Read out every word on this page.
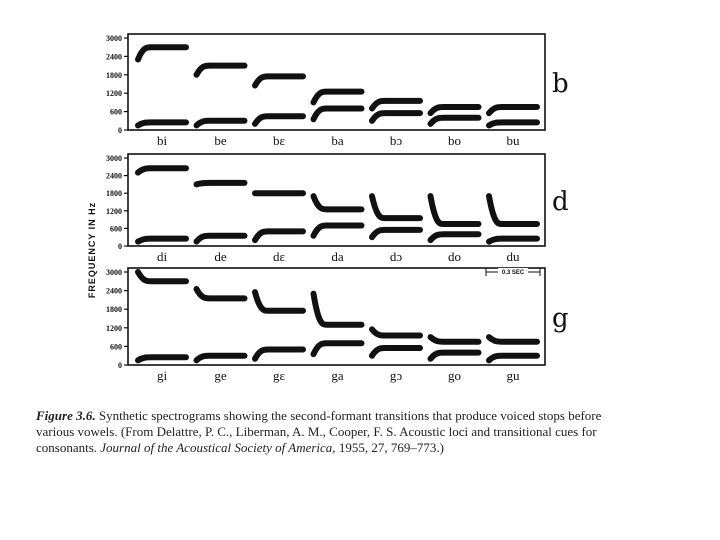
FREQUENCY IN Hz
3000
2400
1800
1200
600
0
bi	be	bɛ	ba	bɔ	bo	bu
b
3000
2400
1800
1200
600
0
di	de	dɛ	da	dɔ	do	du
d
3000
2400
1800
1200
600
0
gi	ge	gɛ	ga	gɔ	go	gu
g
0.3 SEC
Figure 3.6. Synthetic spectrograms showing the second-formant transitions that produce voiced stops before various vowels. (From Delattre, P. C., Liberman, A. M., Cooper, F. S. Acoustic loci and transitional cues for consonants. Journal of the Acoustical Society of America, 1955, 27, 769–773.)
